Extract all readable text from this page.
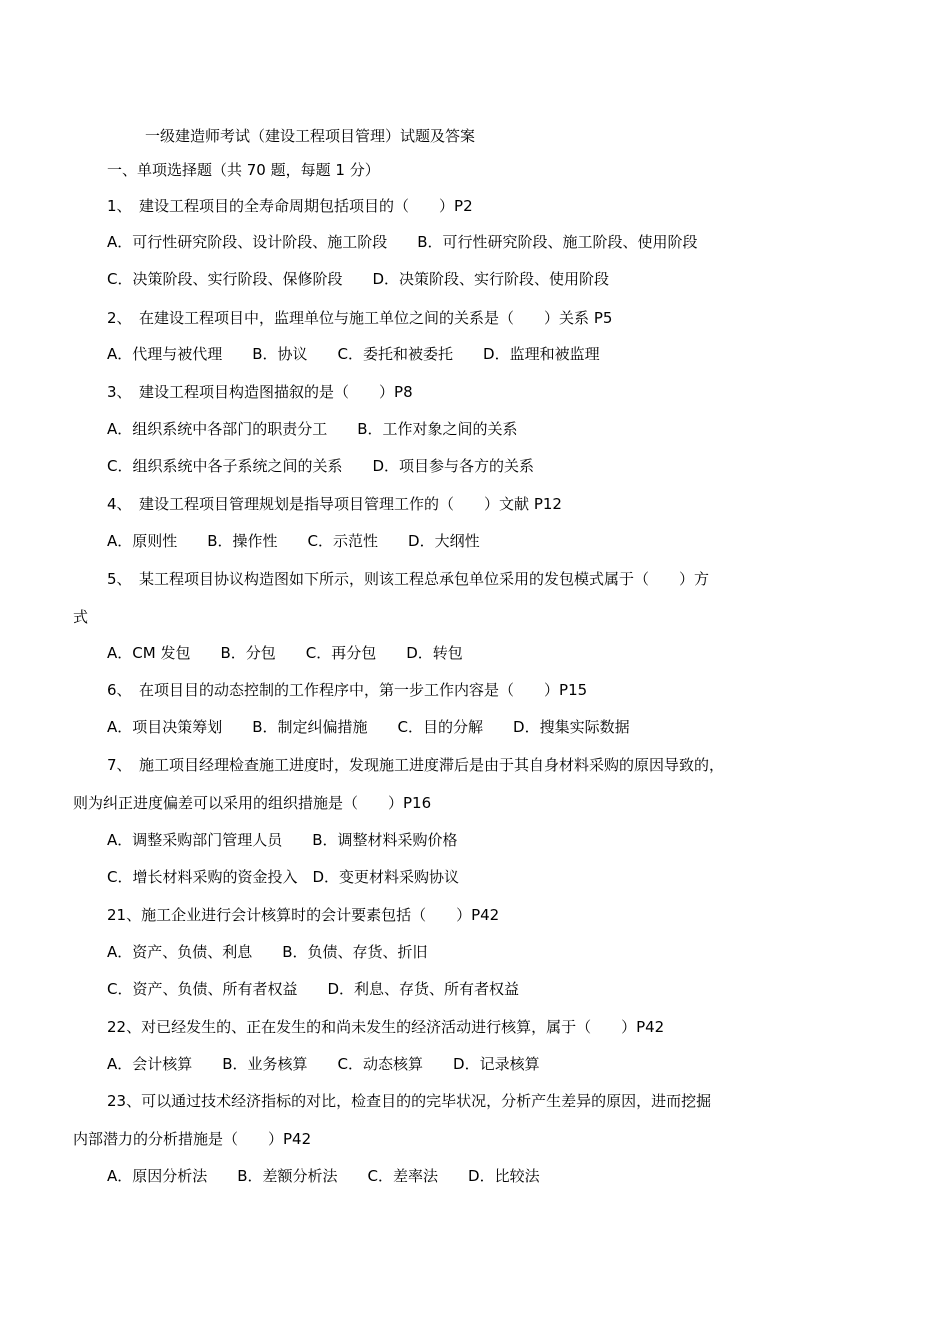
一级建造师考试（建设工程项目管理）试题及答案
一、单项选择题（共 70 题，每题 1 分）
1、　建设工程项目的全寿命周期包括项目的（　　）P2
A．可行性研究阶段、设计阶段、施工阶段　　B．可行性研究阶段、施工阶段、使用阶段
C．决策阶段、实行阶段、保修阶段　　D．决策阶段、实行阶段、使用阶段
2、　在建设工程项目中，监理单位与施工单位之间的关系是（　　）关系 P5
A．代理与被代理　　B．协议　　C．委托和被委托　　D．监理和被监理
3、　建设工程项目构造图描叙的是（　　）P8
A．组织系统中各部门的职责分工　　B．工作对象之间的关系
C．组织系统中各子系统之间的关系　　D．项目参与各方的关系
4、　建设工程项目管理规划是指导项目管理工作的（　　）文献 P12
A．原则性　　B．操作性　　C．示范性　　D．大纲性
5、　某工程项目协议构造图如下所示，则该工程总承包单位采用的发包模式属于（　　）方
式
A．CM 发包　　B．分包　　C．再分包　　D．转包
6、　在项目目的动态控制的工作程序中，第一步工作内容是（　　）P15
A．项目决策筹划　　B．制定纠偏措施　　C．目的分解　　D．搜集实际数据
7、　施工项目经理检查施工进度时，发现施工进度滞后是由于其自身材料采购的原因导致的，
则为纠正进度偏差可以采用的组织措施是（　　）P16
A．调整采购部门管理人员　　B．调整材料采购价格
C．增长材料采购的资金投入　D．变更材料采购协议
21、施工企业进行会计核算时的会计要素包括（　　）P42
A．资产、负债、利息　　B．负债、存货、折旧
C．资产、负债、所有者权益　　D．利息、存货、所有者权益
22、对已经发生的、正在发生的和尚未发生的经济活动进行核算，属于（　　）P42
A．会计核算　　B．业务核算　　C．动态核算　　D．记录核算
23、可以通过技术经济指标的对比，检查目的的完毕状况，分析产生差异的原因，进而挖掘
内部潜力的分析措施是（　　）P42
A．原因分析法　　B．差额分析法　　C．差率法　　D．比较法
